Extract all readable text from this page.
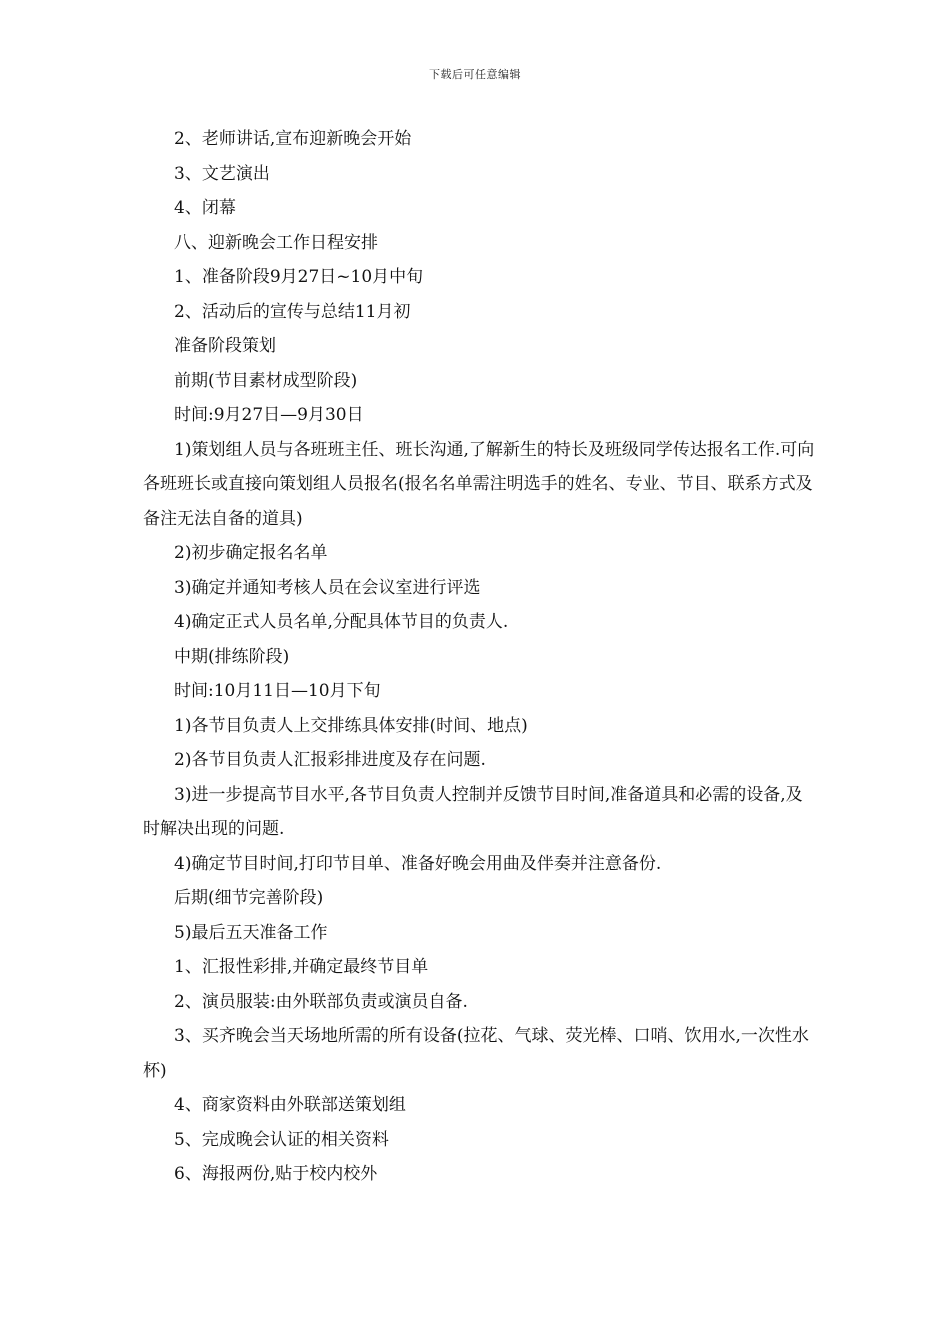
下载后可任意编辑

2、老师讲话,宣布迎新晚会开始

3、文艺演出

4、闭幕

八、迎新晚会工作日程安排

1、准备阶段9月27日~10月中旬

2、活动后的宣传与总结11月初

准备阶段策划

前期(节目素材成型阶段)

时间:9月27日—9月30日

1)策划组人员与各班班主任、班长沟通,了解新生的特长及班级同学传达报名工作.可向各班班长或直接向策划组人员报名(报名名单需注明选手的姓名、专业、节目、联系方式及备注无法自备的道具)

2)初步确定报名名单

3)确定并通知考核人员在会议室进行评选

4)确定正式人员名单,分配具体节目的负责人.

中期(排练阶段)

时间:10月11日—10月下旬

1)各节目负责人上交排练具体安排(时间、地点)

2)各节目负责人汇报彩排进度及存在问题.

3)进一步提高节目水平,各节目负责人控制并反馈节目时间,准备道具和必需的设备,及时解决出现的问题.

4)确定节目时间,打印节目单、准备好晚会用曲及伴奏并注意备份.

后期(细节完善阶段)

5)最后五天准备工作

1、汇报性彩排,并确定最终节目单

2、演员服装:由外联部负责或演员自备.

3、买齐晚会当天场地所需的所有设备(拉花、气球、荧光棒、口哨、饮用水,一次性水杯)

4、商家资料由外联部送策划组

5、完成晚会认证的相关资料

6、海报两份,贴于校内校外
